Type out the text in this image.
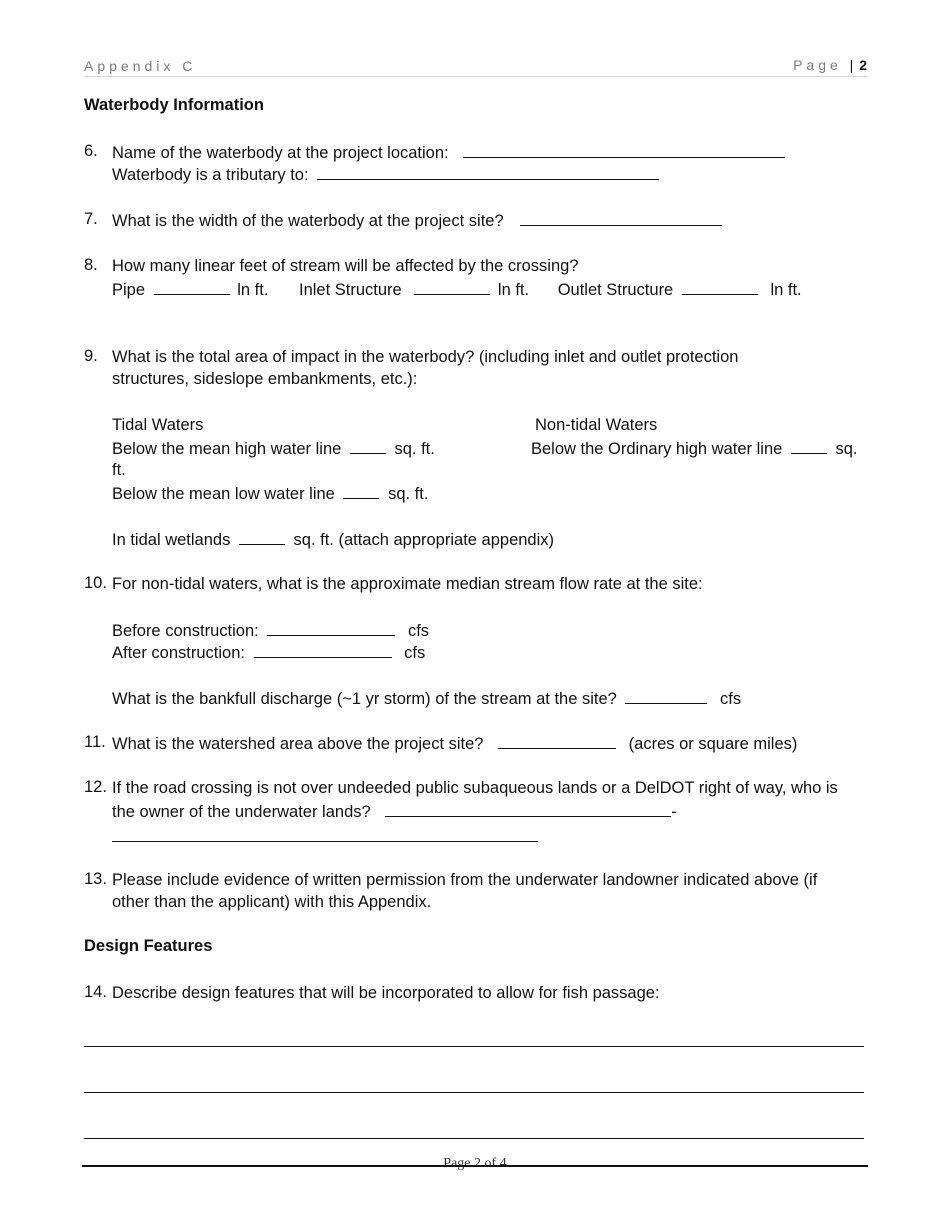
Appendix C	Page | 2
Waterbody Information
6. Name of the waterbody at the project location:
Waterbody is a tributary to:
7. What is the width of the waterbody at the project site?
8. How many linear feet of stream will be affected by the crossing?
Pipe	ln ft. Inlet Structure	ln ft. Outlet Structure	ln ft.
9. What is the total area of impact in the waterbody? (including inlet and outlet protection
structures, sideslope embankments, etc.):
Tidal Waters	Non-tidal Waters
Below the mean high water line	sq. ft.	Below the Ordinary high water line	sq.
ft.
Below the mean low water line	sq. ft.
In tidal wetlands	sq. ft. (attach appropriate appendix)
10. For non-tidal waters, what is the approximate median stream flow rate at the site:
Before construction:	cfs
After construction:	cfs
What is the bankfull discharge (~1 yr storm) of the stream at the site?	cfs
11. What is the watershed area above the project site?	(acres or square miles)
12. If the road crossing is not over undeeded public subaqueous lands or a DelDOT right of way, who is
the owner of the underwater lands?	-
13. Please include evidence of written permission from the underwater landowner indicated above (if
other than the applicant) with this Appendix.
Design Features
14. Describe design features that will be incorporated to allow for fish passage:
Page 2 of 4
